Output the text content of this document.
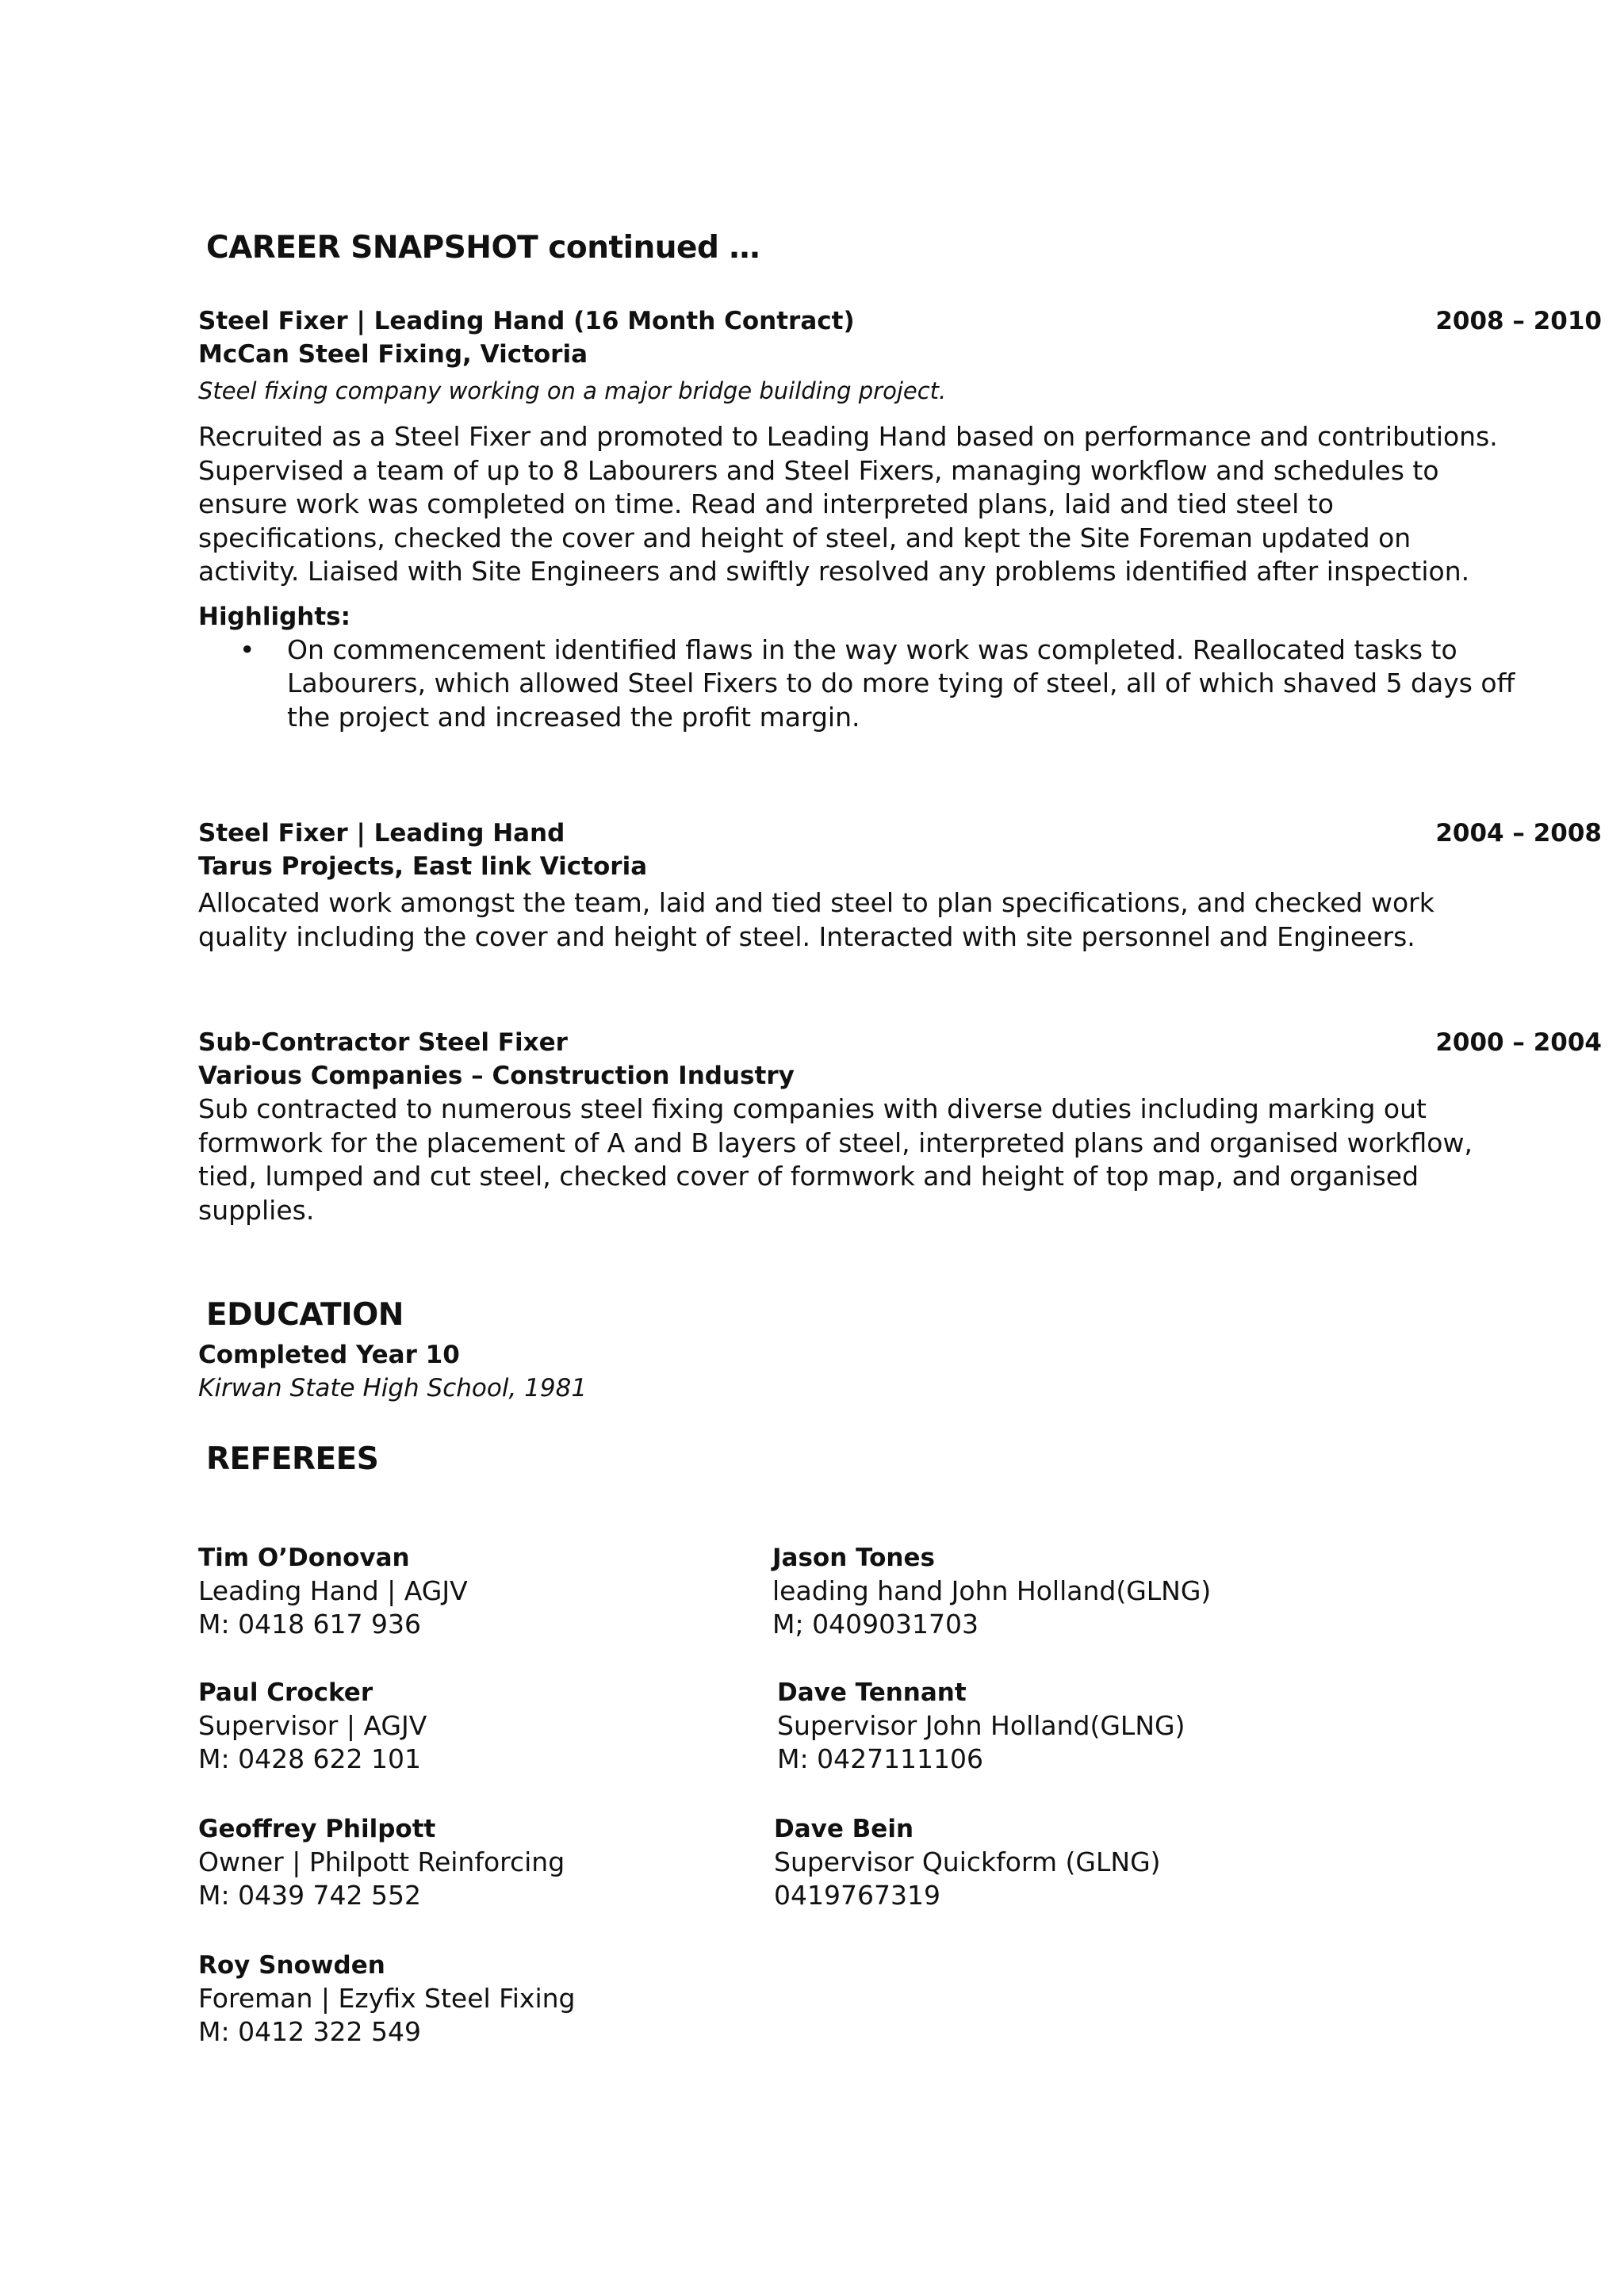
CAREER SNAPSHOT continued …
Steel Fixer | Leading Hand (16 Month Contract)	2008 – 2010
McCan Steel Fixing, Victoria
Steel fixing company working on a major bridge building project.

Recruited as a Steel Fixer and promoted to Leading Hand based on performance and contributions.

Supervised a team of up to 8 Labourers and Steel Fixers, managing workflow and schedules to

ensure work was completed on time. Read and interpreted plans, laid and tied steel to

specifications, checked the cover and height of steel, and kept the Site Foreman updated on

activity. Liaised with Site Engineers and swiftly resolved any problems identified after inspection.

Highlights:
• On commencement identified flaws in the way work was completed. Reallocated tasks to
Labourers, which allowed Steel Fixers to do more tying of steel, all of which shaved 5 days off
the project and increased the profit margin.
Steel Fixer | Leading Hand	2004 – 2008
Tarus Projects, East link Victoria

Allocated work amongst the team, laid and tied steel to plan specifications, and checked work

quality including the cover and height of steel. Interacted with site personnel and Engineers.

Sub-Contractor Steel Fixer	2000 – 2004
Various Companies – Construction Industry

Sub contracted to numerous steel fixing companies with diverse duties including marking out

formwork for the placement of A and B layers of steel, interpreted plans and organised workflow,

tied, lumped and cut steel, checked cover of formwork and height of top map, and organised

supplies.

EDUCATION
Completed Year 10
Kirwan State High School, 1981
REFEREES
Tim O’Donovan
Leading Hand | AGJV
M: 0418 617 936
Jason Tones
leading hand John Holland(GLNG)
M; 0409031703
Paul Crocker
Supervisor | AGJV
M: 0428 622 101
Dave Tennant
Supervisor John Holland(GLNG)
M: 0427111106
Geoffrey Philpott
Owner | Philpott Reinforcing
M: 0439 742 552
Dave Bein
Supervisor Quickform (GLNG)
0419767319
Roy Snowden
Foreman | Ezyfix Steel Fixing
M: 0412 322 549
